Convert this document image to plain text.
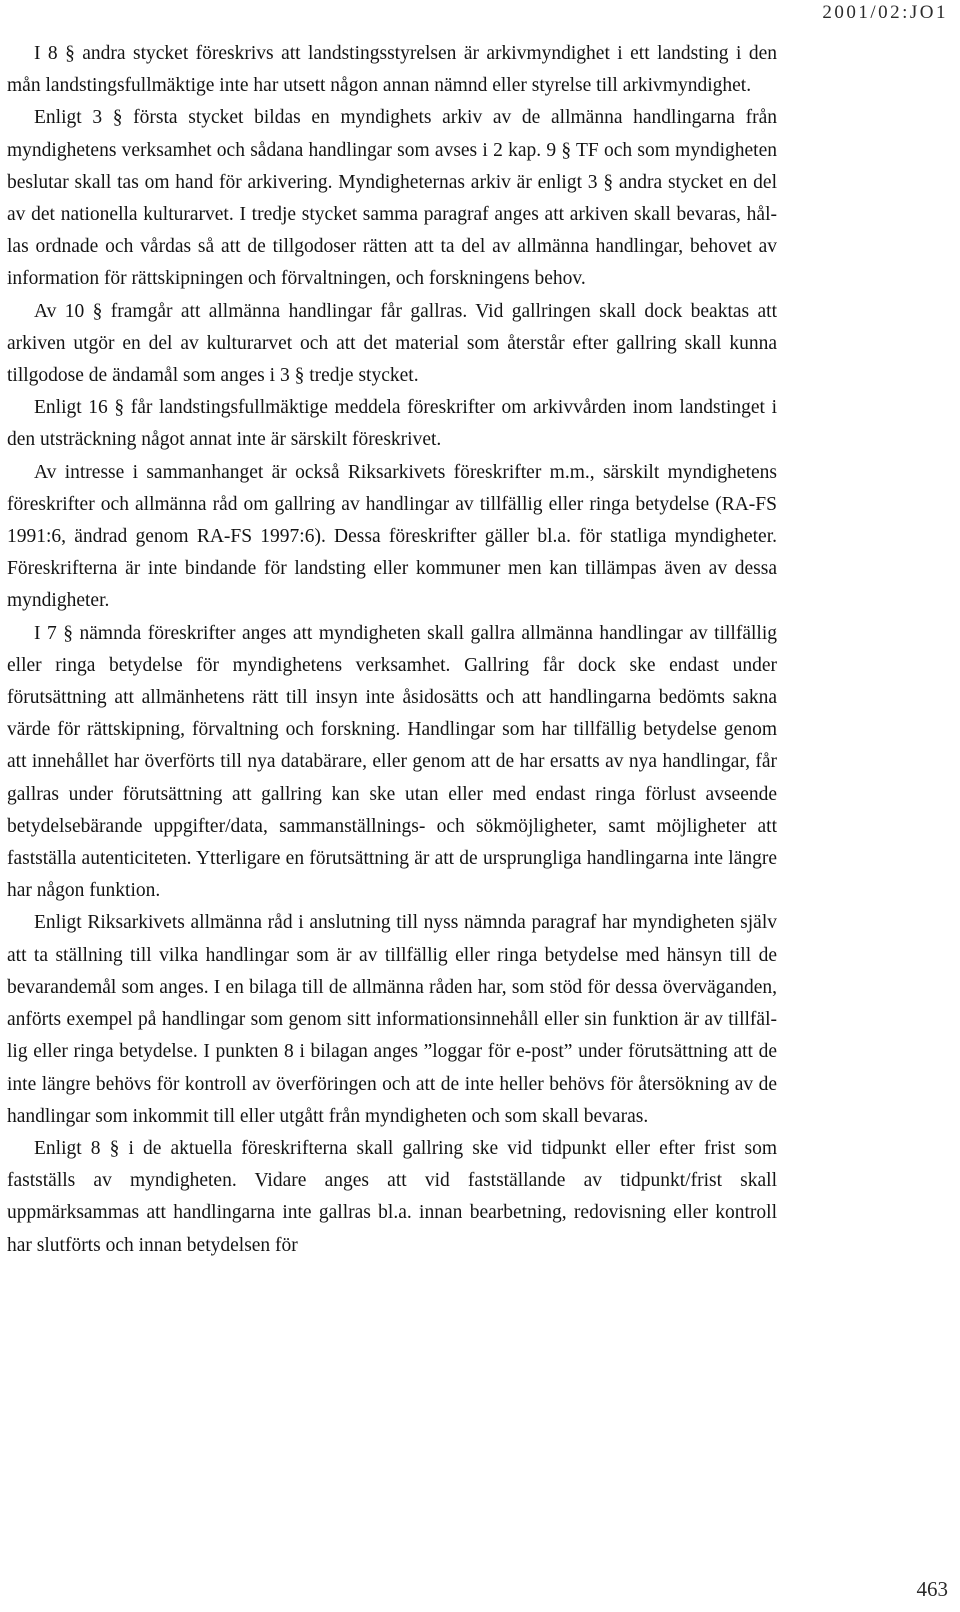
2001/02:JO1

I 8 § andra stycket föreskrivs att landstingsstyrelsen är arkivmyndighet i ett landsting i den mån landstingsfullmäktige inte har utsett någon annan nämnd eller styrelse till arkivmyndighet.

Enligt 3 § första stycket bildas en myndighets arkiv av de allmänna handlingarna från myndighetens verksamhet och sådana handlingar som avses i 2 kap. 9 § TF och som myndigheten beslutar skall tas om hand för arkivering. Myndigheternas arkiv är enligt 3 § andra stycket en del av det nationella kulturarvet. I tredje stycket samma paragraf anges att arkiven skall bevaras, hållas ordnade och vårdas så att de tillgodoser rätten att ta del av allmänna handlingar, behovet av information för rättskipningen och förvaltningen, och forskningens behov.

Av 10 § framgår att allmänna handlingar får gallras. Vid gallringen skall dock beaktas att arkiven utgör en del av kulturarvet och att det material som återstår efter gallring skall kunna tillgodose de ändamål som anges i 3 § tredje stycket.

Enligt 16 § får landstingsfullmäktige meddela föreskrifter om arkivvården inom landstinget i den utsträckning något annat inte är särskilt föreskrivet.

Av intresse i sammanhanget är också Riksarkivets föreskrifter m.m., särskilt myndighetens föreskrifter och allmänna råd om gallring av handlingar av tillfällig eller ringa betydelse (RA-FS 1991:6, ändrad genom RA-FS 1997:6). Dessa föreskrifter gäller bl.a. för statliga myndigheter. Föreskrifterna är inte bindande för landsting eller kommuner men kan tillämpas även av dessa myndigheter.

I 7 § nämnda föreskrifter anges att myndigheten skall gallra allmänna handlingar av tillfällig eller ringa betydelse för myndighetens verksamhet. Gallring får dock ske endast under förutsättning att allmänhetens rätt till insyn inte åsidosätts och att handlingarna bedömts sakna värde för rättskipning, förvaltning och forskning. Handlingar som har tillfällig betydelse genom att innehållet har överförts till nya databärare, eller genom att de har ersatts av nya handlingar, får gallras under förutsättning att gallring kan ske utan eller med endast ringa förlust avseende betydelsebärande uppgifter/data, sammanställnings- och sökmöjligheter, samt möjligheter att fastställa autenticiteten. Ytterligare en förutsättning är att de ursprungliga handlingarna inte längre har någon funktion.

Enligt Riksarkivets allmänna råd i anslutning till nyss nämnda paragraf har myndigheten själv att ta ställning till vilka handlingar som är av tillfällig eller ringa betydelse med hänsyn till de bevarandemål som anges. I en bilaga till de allmänna råden har, som stöd för dessa överväganden, anförts exempel på handlingar som genom sitt informationsinnehåll eller sin funktion är av tillfällig eller ringa betydelse. I punkten 8 i bilagan anges ”loggar för e-post” under förutsättning att de inte längre behövs för kontroll av överföringen och att de inte heller behövs för återsökning av de handlingar som inkommit till eller utgått från myndigheten och som skall bevaras.

Enligt 8 § i de aktuella föreskrifterna skall gallring ske vid tidpunkt eller efter frist som fastställs av myndigheten. Vidare anges att vid fastställande av tidpunkt/frist skall uppmärksammas att handlingarna inte gallras bl.a. innan bearbetning, redovisning eller kontroll har slutförts och innan betydelsen för

463
